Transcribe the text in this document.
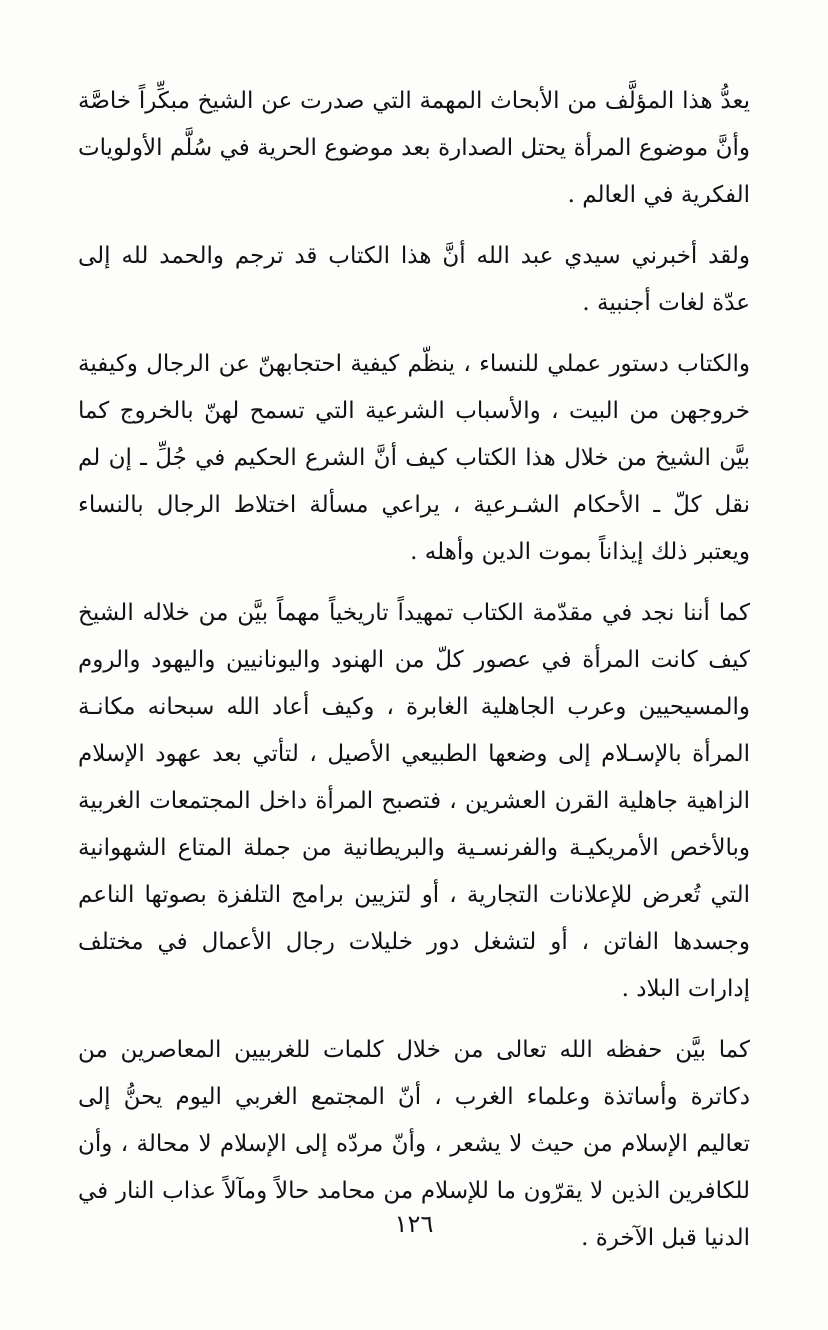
يعدُّ هذا المؤلَّف من الأبحاث المهمة التي صدرت عن الشيخ مبكِّراً خاصَّة وأنَّ موضوع المرأة يحتل الصدارة بعد موضوع الحرية في سُلَّم الأولويات الفكرية في العالم .

ولقد أخبرني سيدي عبد الله أنَّ هذا الكتاب قد ترجم والحمد لله إلى عدّة لغات أجنبية .

والكتاب دستور عملي للنساء ، ينظّم كيفية احتجابهنّ عن الرجال وكيفية خروجهن من البيت ، والأسباب الشرعية التي تسمح لهنّ بالخروج كما بيَّن الشيخ من خلال هذا الكتاب كيف أنَّ الشرع الحكيم في جُلِّ ـ إن لم نقل كلّ ـ الأحكام الشـرعية ، يراعي مسألة اختلاط الرجال بالنساء ويعتبر ذلك إيذاناً بموت الدين وأهله .

كما أننا نجد في مقدّمة الكتاب تمهيداً تاريخياً مهماً بيَّن من خلاله الشيخ كيف كانت المرأة في عصور كلّ من الهنود واليونانيين واليهود والروم والمسيحيين وعرب الجاهلية الغابرة ، وكيف أعاد الله سبحانه مكانـة المرأة بالإسـلام إلى وضعها الطبيعي الأصيل ، لتأتي بعد عهود الإسلام الزاهية جاهلية القرن العشرين ، فتصبح المرأة داخل المجتمعات الغربية وبالأخص الأمريكيـة والفرنسـية والبريطانية من جملة المتاع الشهوانية التي تُعرض للإعلانات التجارية ، أو لتزيين برامج التلفزة بصوتها الناعم وجسدها الفاتن ، أو لتشغل دور خليلات رجال الأعمال في مختلف إدارات البلاد .

كما بيَّن حفظه الله تعالى من خلال كلمات للغربيين المعاصرين من دكاترة وأساتذة وعلماء الغرب ، أنّ المجتمع الغربي اليوم يحنُّ إلى تعاليم الإسلام من حيث لا يشعر ، وأنّ مردّه إلى الإسلام لا محالة ، وأن للكافرين الذين لا يقرّون ما للإسلام من محامد حالاً ومآلاً عذاب النار في الدنيا قبل الآخرة .

١٢٦
